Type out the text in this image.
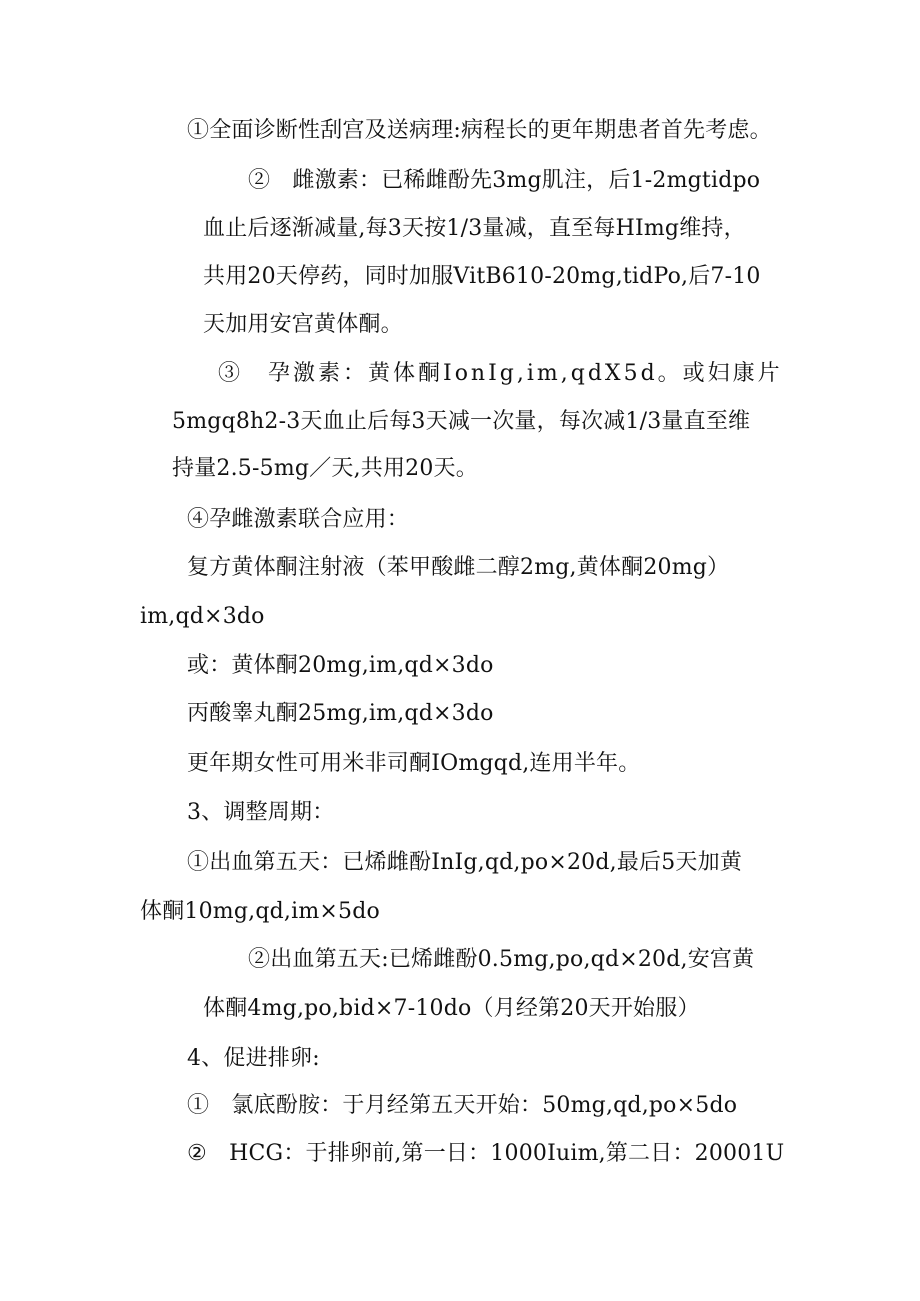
①全面诊断性刮宫及送病理:病程长的更年期患者首先考虑。
②　雌激素：已稀雌酚先3mg肌注，后1-2mgtidpo
血止后逐渐减量,每3天按1/3量减，直至每HImg维持，
共用20天停药，同时加服VitB610-20mg,tidPo,后7-10
天加用安宫黄体酮。
③　孕激素：黄体酮IonIg,im,qdX5d。或妇康片
5mgq8h2-3天血止后每3天减一次量，每次减1/3量直至维
持量2.5-5mg／天,共用20天。
④孕雌激素联合应用：
复方黄体酮注射液（苯甲酸雌二醇2mg,黄体酮20mg）
im,qd×3do
或：黄体酮20mg,im,qd×3do
丙酸睾丸酮25mg,im,qd×3do
更年期女性可用米非司酮IOmgqd,连用半年。
3、调整周期：
①出血第五天：已烯雌酚InIg,qd,po×20d,最后5天加黄
体酮10mg,qd,im×5do
②出血第五天:已烯雌酚0.5mg,po,qd×20d,安宫黄
体酮4mg,po,bid×7-10do（月经第20天开始服）
4、促进排卵:
①　氯底酚胺：于月经第五天开始：50mg,qd,po×5do
②　HCG：于排卵前,第一日：1000Iuim,第二日：20001U
